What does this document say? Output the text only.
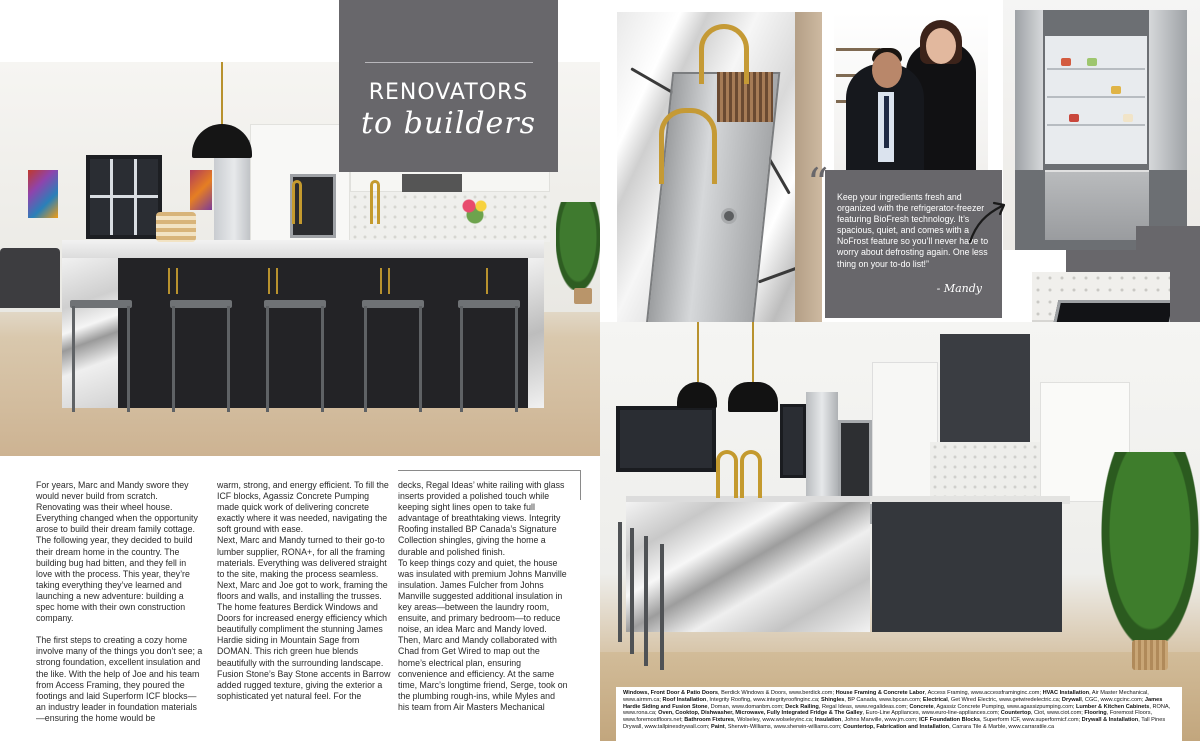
RENOVATORS
to builders

For years, Marc and Mandy swore they would never build from scratch. Renovating was their wheel house. Everything changed when the opportunity arose to build their dream family cottage. The following year, they decided to build their dream home in the country. The building bug had bitten, and they fell in love with the process. This year, they’re taking everything they’ve learned and launching a new adventure: building a spec home with their own construction company.

The first steps to creating a cozy home involve many of the things you don’t see; a strong foundation, excellent insulation and the like. With the help of Joe and his team from Access Framing, they poured the footings and laid Superform ICF blocks—an industry leader in foundation materials—ensuring the home would be

warm, strong, and energy efficient. To fill the ICF blocks, Agassiz Concrete Pumping made quick work of delivering concrete exactly where it was needed, navigating the soft ground with ease.

Next, Marc and Mandy turned to their go-to lumber supplier, RONA+, for all the framing materials. Everything was delivered straight to the site, making the process seamless.

Next, Marc and Joe got to work, framing the floors and walls, and installing the trusses. The home features Berdick Windows and Doors for increased energy efficiency which beautifully compliment the stunning James Hardie siding in Mountain Sage from DOMAN. This rich green hue blends beautifully with the surrounding landscape. Fusion Stone’s Bay Stone accents in Barrow added rugged texture, giving the exterior a sophisticated yet natural feel. For the

decks, Regal Ideas’ white railing with glass inserts provided a polished touch while keeping sight lines open to take full advantage of breathtaking views. Integrity Roofing installed BP Canada’s Signature Collection shingles, giving the home a durable and polished finish.

To keep things cozy and quiet, the house was insulated with premium Johns Manville insulation. James Fulcher from Johns Manville suggested additional insulation in key areas—between the laundry room, ensuite, and primary bedroom—to reduce noise, an idea Marc and Mandy loved. Then, Marc and Mandy collaborated with Chad from Get Wired to map out the home’s electrical plan, ensuring convenience and efficiency. At the same time, Marc’s longtime friend, Serge, took on the plumbing rough-ins, while Myles and his team from Air Masters Mechanical

“ Keep your ingredients fresh and organized with the refrigerator-freezer featuring BioFresh technology. It’s spacious, quiet, and comes with a NoFrost feature so you’ll never have to worry about defrosting again. One less thing on your to-do list!”
- Mandy
Windows, Front Door & Patio Doors, Berdick Windows & Doors, www.berdick.com; House Framing & Concrete Labor, Access Framing, www.accessframinginc.com; HVAC Installation, Air Master Mechanical, www.airmm.ca; Roof Installation, Integrity Roofing, www.integrityroofinginc.ca; Shingles, BP Canada, www.bpcan.com; Electrical, Get Wired Electric, www.getwiredelectric.ca; Drywall, CGC, www.cgcinc.com; James Hardie Siding and Fusion Stone, Doman, www.domanbm.com; Deck Railing, Regal Ideas, www.regalideas.com; Concrete, Agassiz Concrete Pumping, www.agassizpumping.com; Lumber & Kitchen Cabinets, RONA, www.rona.ca; Oven, Cooktop, Dishwasher, Microwave, Fully Integrated Fridge & The Galley, Euro-Line Appliances, www.euro-line-appliances.com; Countertop, Ciot, www.ciot.com; Flooring, Foremost Floors, www.foremostfloors.net; Bathroom Fixtures, Wolseley, www.wolseleyinc.ca; Insulation, Johns Manville, www.jm.com; ICF Foundation Blocks, Superform ICF, www.superformicf.com; Drywall & Installation, Tall Pines Drywall, www.tallpinesdrywall.com; Paint, Sherwin-Williams, www.sherwin-williams.com; Countertop, Fabrication and Installation, Carrara Tile & Marble, www.carraratile.ca
